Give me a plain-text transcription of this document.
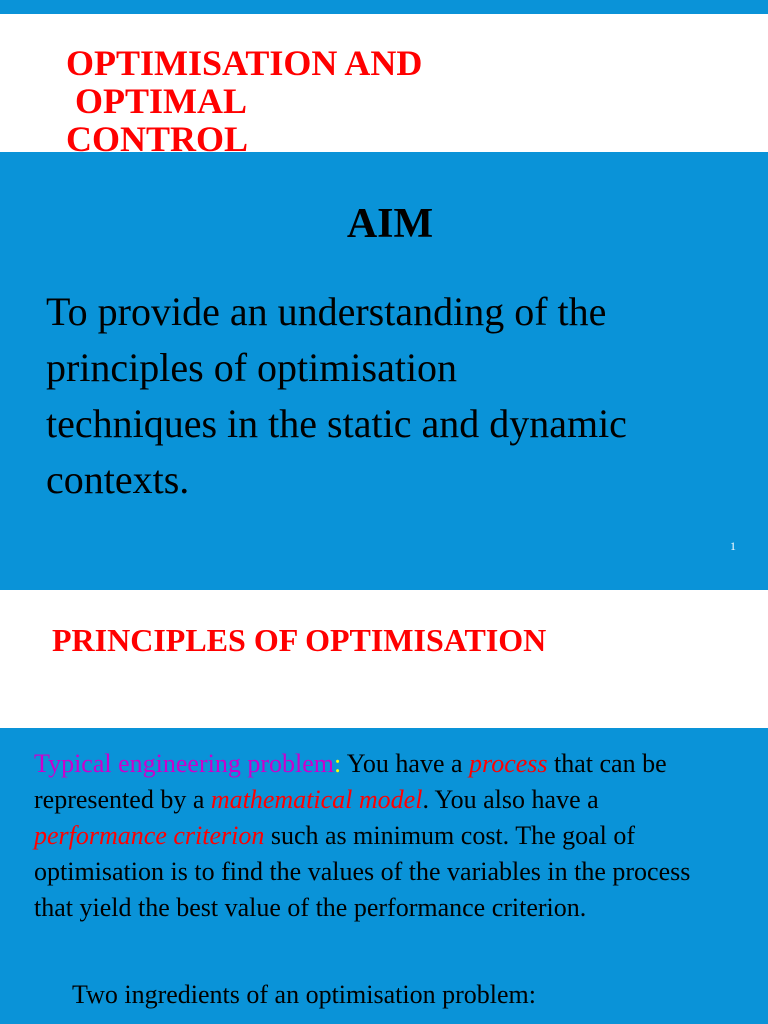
OPTIMISATION AND
OPTIMAL
CONTROL
AIM

To provide an understanding of the
principles of optimisation
techniques in the static and dynamic
contexts.

1
PRINCIPLES OF OPTIMISATION

Typical engineering problem: You have a process that can be represented by a mathematical model. You also have a performance criterion such as minimum cost. The goal of optimisation is to find the values of the variables in the process that yield the best value of the performance criterion.

Two ingredients of an optimisation problem:
